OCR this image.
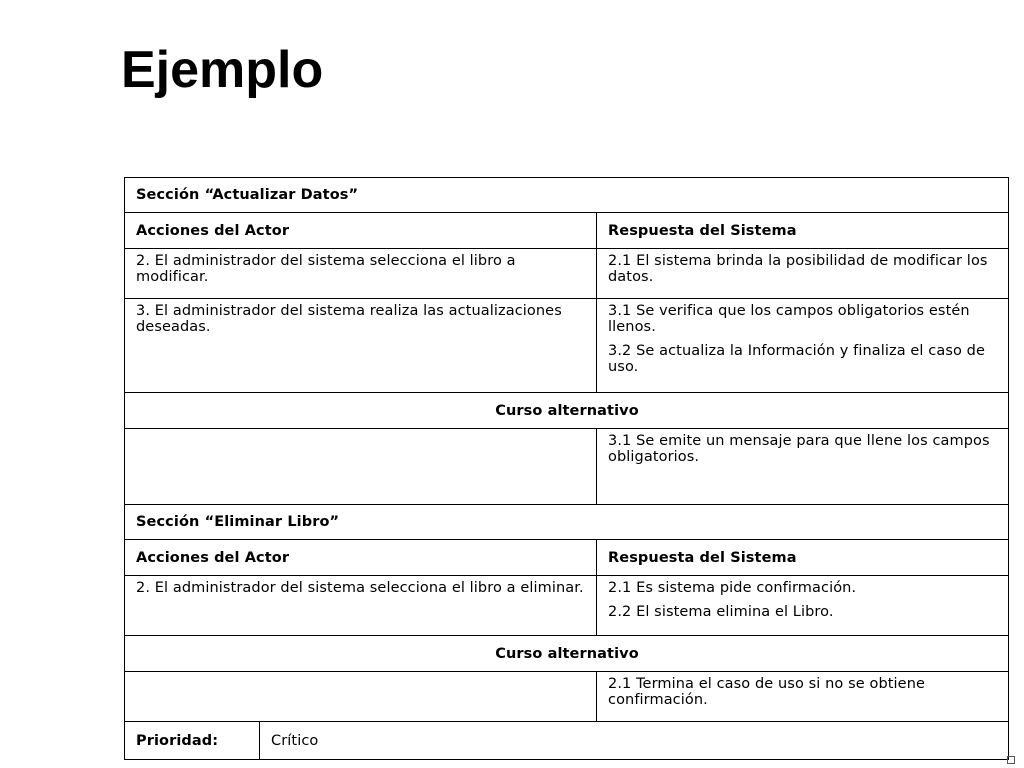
Ejemplo
Sección “Actualizar Datos”		
Acciones del Actor		Respuesta del Sistema
2. El administrador del sistema selecciona el libro a modificar.		2.1 El sistema brinda la posibilidad de modificar los datos.

3. El administrador del sistema realiza las actualizaciones deseadas.		3.1 Se verifica que los campos obligatorios estén llenos.
3.2 Se actualiza la Información y finaliza el caso de uso.

Curso alternativo		
		3.1 Se emite un mensaje para que llene los campos obligatorios.
Sección “Eliminar Libro”		
Acciones del Actor		Respuesta del Sistema
2. El administrador del sistema selecciona el libro a eliminar.		2.1 Es sistema pide confirmación.
2.2 El sistema elimina el Libro.

Curso alternativo		
		2.1 Termina el caso de uso si no se obtiene confirmación.
Prioridad:	Crítico	
